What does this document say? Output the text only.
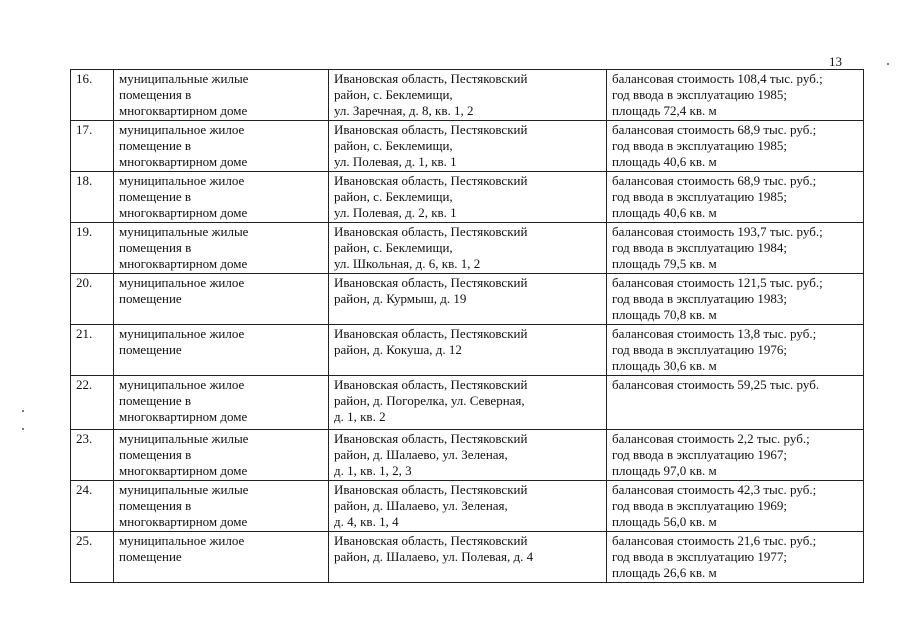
13
16.	муниципальные жилые
помещения в
многоквартирном доме	Ивановская область, Пестяковский
район, с. Беклемищи,
ул. Заречная, д. 8, кв. 1, 2	балансовая стоимость 108,4 тыс. руб.;
год ввода в эксплуатацию 1985;
площадь 72,4 кв. м
17.	муниципальное жилое
помещение в
многоквартирном доме	Ивановская область, Пестяковский
район, с. Беклемищи,
ул. Полевая, д. 1, кв. 1	балансовая стоимость 68,9 тыс. руб.;
год ввода в эксплуатацию 1985;
площадь 40,6 кв. м
18.	муниципальное жилое
помещение в
многоквартирном доме	Ивановская область, Пестяковский
район, с. Беклемищи,
ул. Полевая, д. 2, кв. 1	балансовая стоимость 68,9 тыс. руб.;
год ввода в эксплуатацию 1985;
площадь 40,6 кв. м
19.	муниципальные жилые
помещения в
многоквартирном доме	Ивановская область, Пестяковский
район, с. Беклемищи,
ул. Школьная, д. 6, кв. 1, 2	балансовая стоимость 193,7 тыс. руб.;
год ввода в эксплуатацию 1984;
площадь 79,5 кв. м
20.	муниципальное жилое
помещение	Ивановская область, Пестяковский
район, д. Курмыш, д. 19	балансовая стоимость 121,5 тыс. руб.;
год ввода в эксплуатацию 1983;
площадь 70,8 кв. м
21.	муниципальное жилое
помещение	Ивановская область, Пестяковский
район, д. Кокуша, д. 12	балансовая стоимость 13,8 тыс. руб.;
год ввода в эксплуатацию 1976;
площадь 30,6 кв. м
22.	муниципальное жилое
помещение в
многоквартирном доме	Ивановская область, Пестяковский
район, д. Погорелка, ул. Северная,
д. 1, кв. 2	балансовая стоимость 59,25 тыс. руб.
23.	муниципальные жилые
помещения в
многоквартирном доме	Ивановская область, Пестяковский
район, д. Шалаево, ул. Зеленая,
д. 1, кв. 1, 2, 3	балансовая стоимость 2,2 тыс. руб.;
год ввода в эксплуатацию 1967;
площадь 97,0 кв. м
24.	муниципальные жилые
помещения в
многоквартирном доме	Ивановская область, Пестяковский
район, д. Шалаево, ул. Зеленая,
д. 4, кв. 1, 4	балансовая стоимость 42,3 тыс. руб.;
год ввода в эксплуатацию 1969;
площадь 56,0 кв. м
25.	муниципальное жилое
помещение	Ивановская область, Пестяковский
район, д. Шалаево, ул. Полевая, д. 4	балансовая стоимость 21,6 тыс. руб.;
год ввода в эксплуатацию 1977;
площадь 26,6 кв. м
